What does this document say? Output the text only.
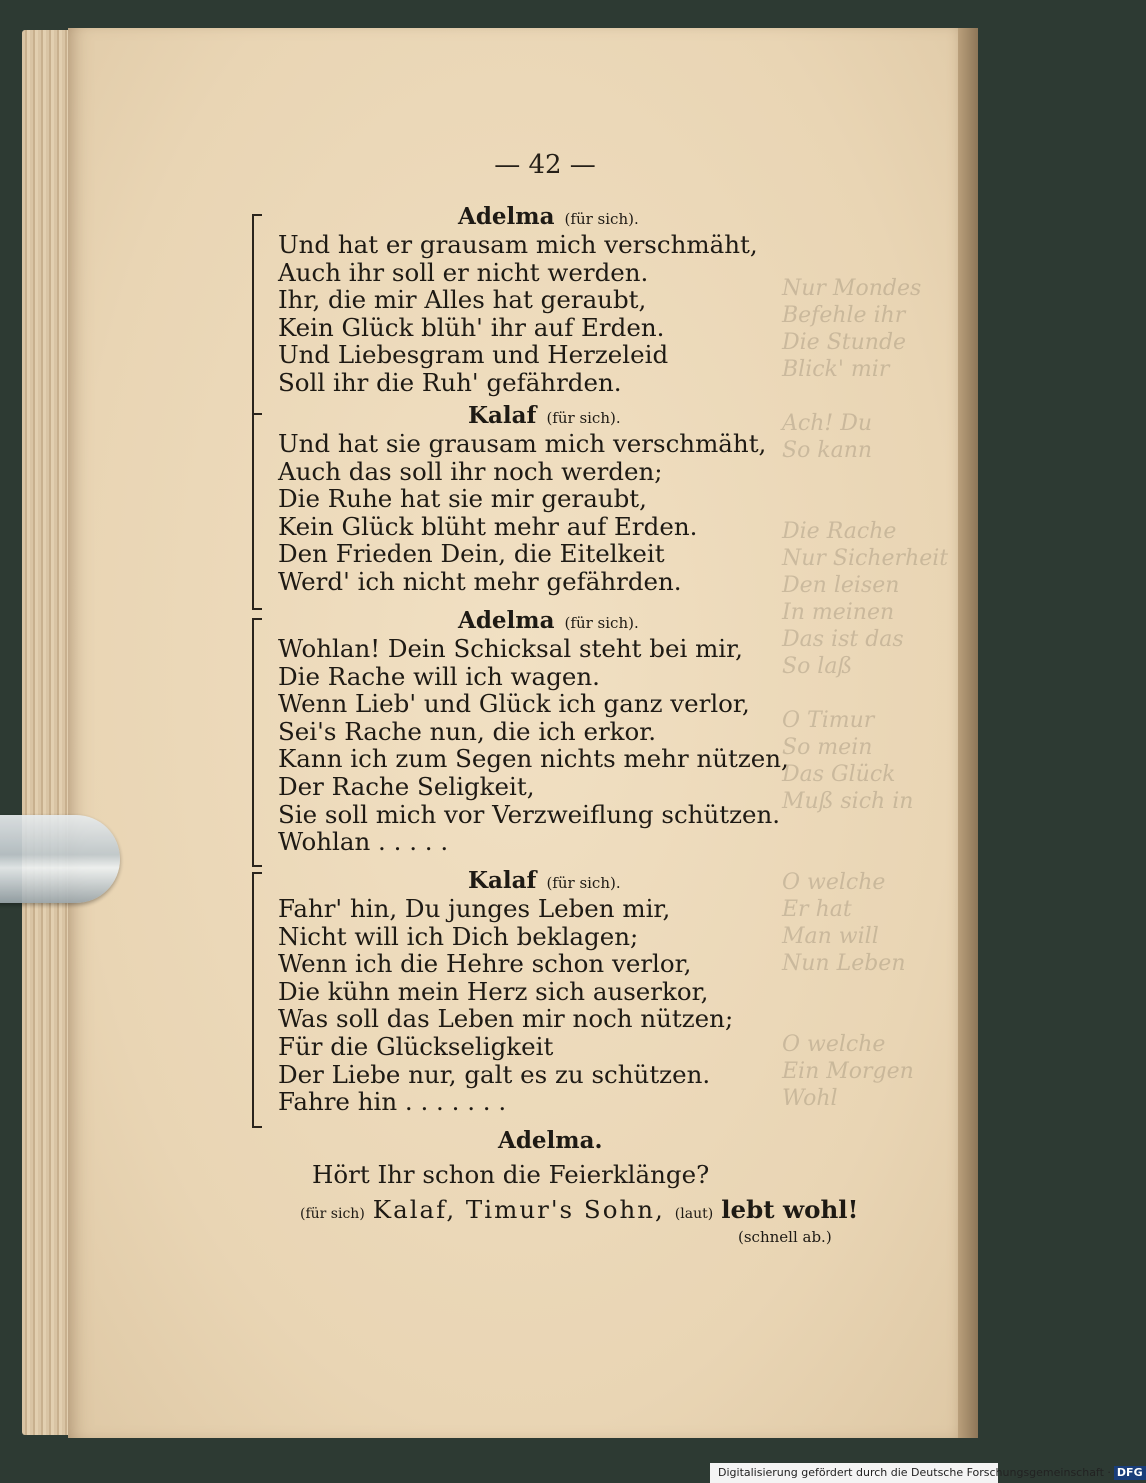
Nur Mondes
Befehle ihr
Die Stunde
Blick' mir

Ach! Du
So kann

Die Rache
Nur Sicherheit
Den leisen
In meinen
Das ist das
So laß

O Timur
So mein
Das Glück
Muß sich in

O welche
Er hat
Man will
Nun Leben

O welche
Ein Morgen
Wohl
— 42 —
Adelma (für sich).
Und hat er grausam mich verschmäht,
Auch ihr soll er nicht werden.
Ihr, die mir Alles hat geraubt,
Kein Glück blüh' ihr auf Erden.
Und Liebesgram und Herzeleid
Soll ihr die Ruh' gefährden.
Kalaf (für sich).
Und hat sie grausam mich verschmäht,
Auch das soll ihr noch werden;
Die Ruhe hat sie mir geraubt,
Kein Glück blüht mehr auf Erden.
Den Frieden Dein, die Eitelkeit
Werd' ich nicht mehr gefährden.
Adelma (für sich).
Wohlan! Dein Schicksal steht bei mir,
Die Rache will ich wagen.
Wenn Lieb' und Glück ich ganz verlor,
Sei's Rache nun, die ich erkor.
Kann ich zum Segen nichts mehr nützen,
Der Rache Seligkeit,
Sie soll mich vor Verzweiflung schützen.
Wohlan . . . . .
Kalaf (für sich).
Fahr' hin, Du junges Leben mir,
Nicht will ich Dich beklagen;
Wenn ich die Hehre schon verlor,
Die kühn mein Herz sich auserkor,
Was soll das Leben mir noch nützen;
Für die Glückseligkeit
Der Liebe nur, galt es zu schützen.
Fahre hin . . . . . . .
Adelma.
Hört Ihr schon die Feierklänge?
(für sich) Kalaf, Timur's Sohn, (laut) lebt wohl!
(schnell ab.)
Digitalisierung gefördert durch die Deutsche Forschungsgemeinschaft · DFG
